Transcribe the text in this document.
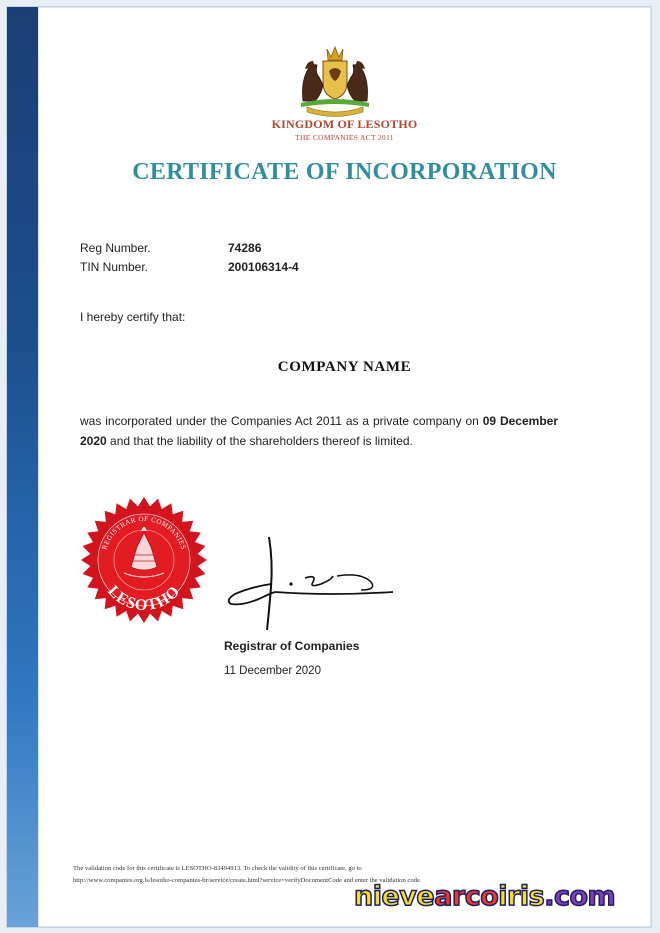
KINGDOM OF LESOTHO
THE COMPANIES ACT 2011
CERTIFICATE OF INCORPORATION
Reg Number.	74286
TIN Number.	200106314-4
I hereby certify that:
COMPANY NAME
was incorporated under the Companies Act 2011 as a private company on 09 December 2020 and that the liability of the shareholders thereof is limited.
REGISTRAR OF COMPANIES
LESOTHO
Registrar of Companies
11 December 2020
The validation code for this certificate is LESOTHO-83494913. To check the validity of this certificate, go to
http://www.companies.org.ls/lesotho-companies-br/service/create.html?service=verifyDocumentCode and enter the validation code.
nievearcoiris.com
